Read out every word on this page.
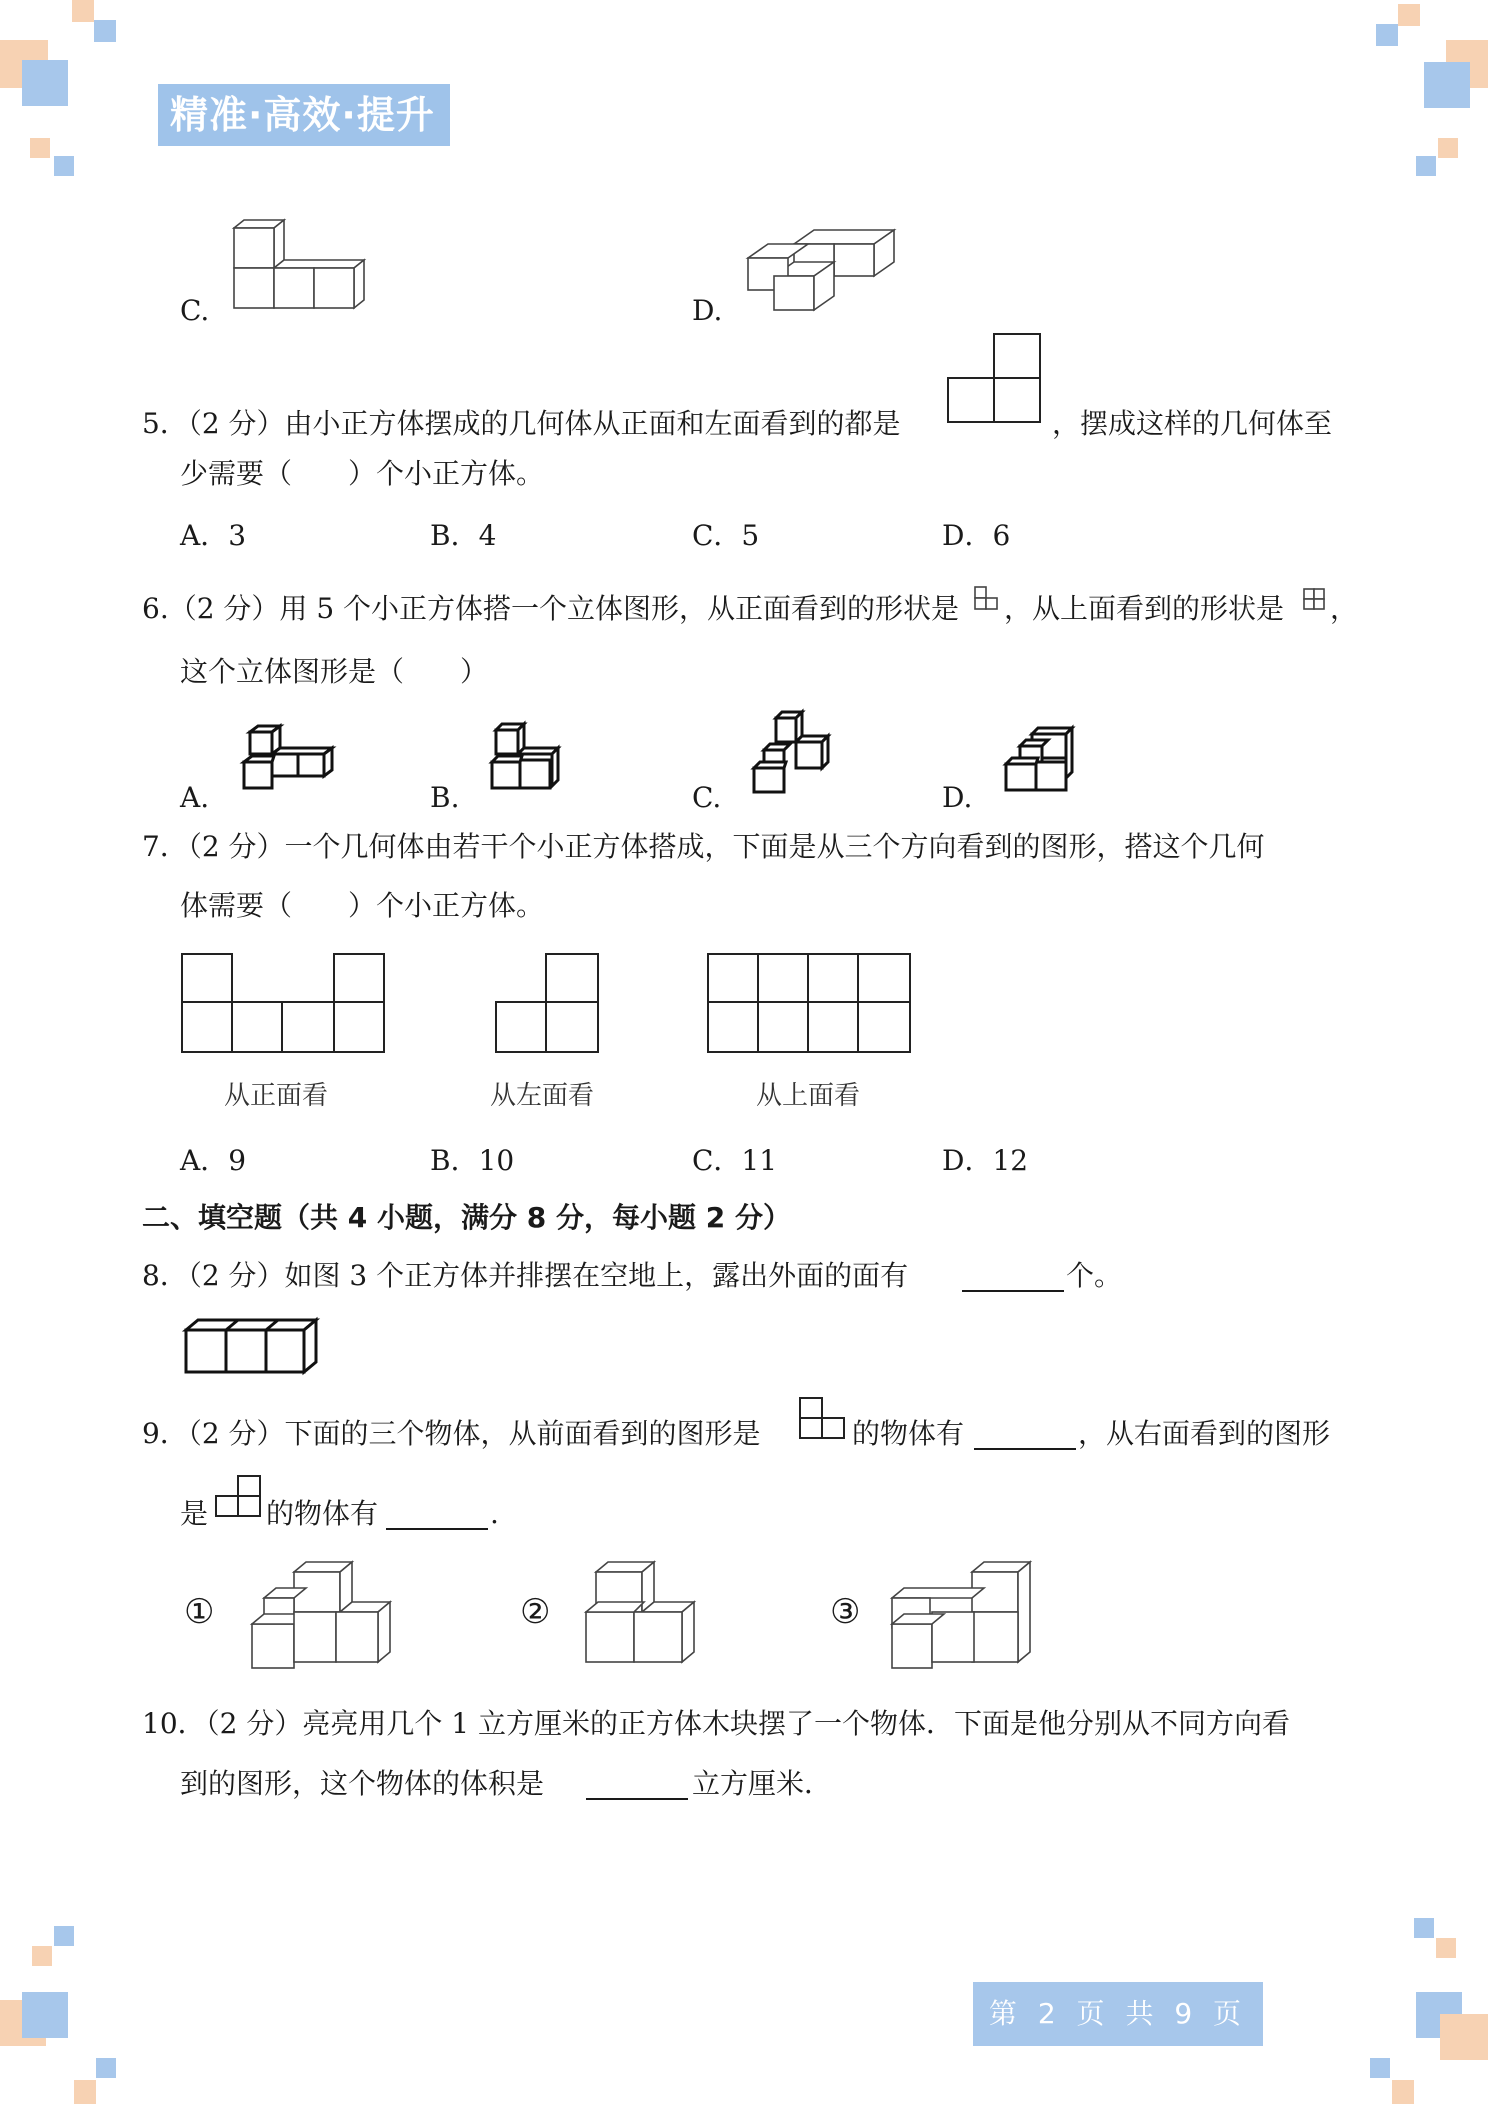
精准·高效·提升
C.	D.
5．（2 分）由小正方体摆成的几何体从正面和左面看到的都是	，摆成这样的几何体至
少需要（　　）个小正方体。
A．3	B．4	C．5	D．6
6.（2 分）用 5 个小正方体搭一个立体图形，从正面看到的形状是 ，从上面看到的形状是 ，
这个立体图形是（　　）
A.	B.	C.	D.
7．（2 分）一个几何体由若干个小正方体搭成，下面是从三个方向看到的图形，搭这个几何
体需要（　　）个小正方体。
从正面看	从左面看	从上面看
A．9	B．10	C．11	D．12
二、填空题（共 4 小题，满分 8 分，每小题 2 分）
8．（2 分）如图 3 个正方体并排摆在空地上，露出外面的面有	个。
9．（2 分）下面的三个物体，从前面看到的图形是	的物体有	，从右面看到的图形
是 的物体有	.
①	②	③
10．（2 分）亮亮用几个 1 立方厘米的正方体木块摆了一个物体．下面是他分别从不同方向看
到的图形，这个物体的体积是	立方厘米．
第 2 页 共 9 页
